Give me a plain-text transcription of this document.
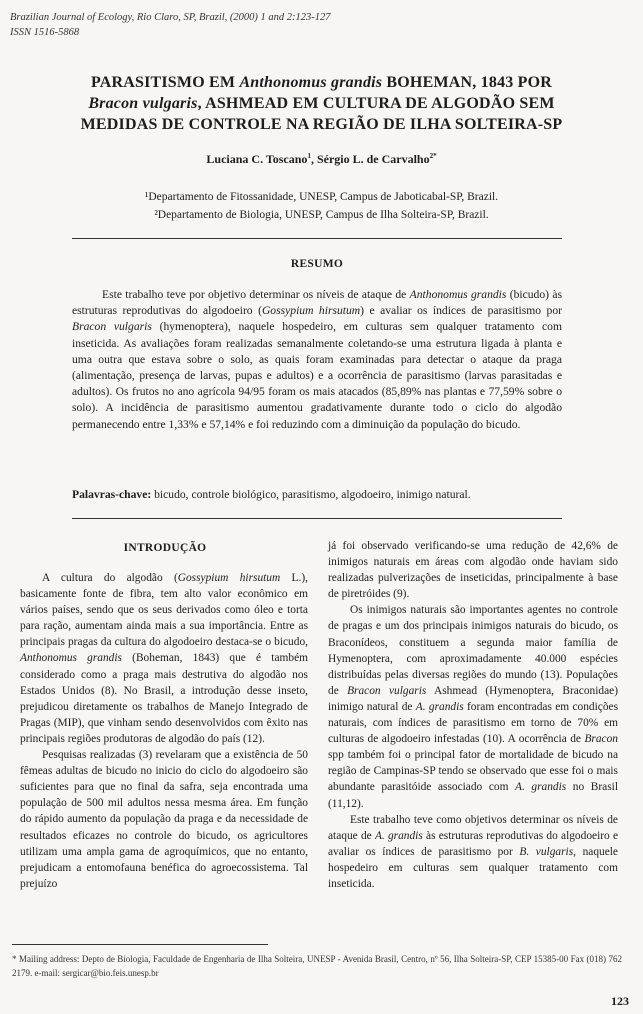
Brazilian Journal of Ecology, Rio Claro, SP, Brazil, (2000) 1 and 2:123-127
ISSN 1516-5868
PARASITISMO EM Anthonomus grandis BOHEMAN, 1843 POR
Bracon vulgaris, ASHMEAD EM CULTURA DE ALGODÃO SEM
MEDIDAS DE CONTROLE NA REGIÃO DE ILHA SOLTEIRA-SP
Luciana C. Toscano$^1$, Sérgio L. de Carvalho$^{2*}$
¹Departamento de Fitossanidade, UNESP, Campus de Jaboticabal-SP, Brazil.
²Departamento de Biologia, UNESP, Campus de Ilha Solteira-SP, Brazil.
RESUMO
Este trabalho teve por objetivo determinar os níveis de ataque de Anthonomus grandis (bicudo) às estruturas reprodutivas do algodoeiro (Gossypium hirsutum) e avaliar os índices de parasitismo por Bracon vulgaris (hymenoptera), naquele hospedeiro, em culturas sem qualquer tratamento com inseticida. As avaliações foram realizadas semanalmente coletando-se uma estrutura ligada à planta e uma outra que estava sobre o solo, as quais foram examinadas para detectar o ataque da praga (alimentação, presença de larvas, pupas e adultos) e a ocorrência de parasitismo (larvas parasitadas e adultos). Os frutos no ano agrícola 94/95 foram os mais atacados (85,89% nas plantas e 77,59% sobre o solo). A incidência de parasitismo aumentou gradativamente durante todo o ciclo do algodão permanecendo entre 1,33% e 57,14% e foi reduzindo com a diminuição da população do bicudo.
Palavras-chave: bicudo, controle biológico, parasitismo, algodoeiro, inimigo natural.
INTRODUÇÃO

A cultura do algodão (Gossypium hirsutum L.), basicamente fonte de fibra, tem alto valor econômico em vários países, sendo que os seus derivados como óleo e torta para ração, aumentam ainda mais a sua importância. Entre as principais pragas da cultura do algodoeiro destaca-se o bicudo, Anthonomus grandis (Boheman, 1843) que é também considerado como a praga mais destrutiva do algodão nos Estados Unidos (8). No Brasil, a introdução desse inseto, prejudicou diretamente os trabalhos de Manejo Integrado de Pragas (MIP), que vinham sendo desenvolvidos com êxito nas principais regiões produtoras de algodão do país (12).

Pesquisas realizadas (3) revelaram que a existência de 50 fêmeas adultas de bicudo no inicio do ciclo do algodoeiro são suficientes para que no final da safra, seja encontrada uma população de 500 mil adultos nessa mesma área. Em função do rápido aumento da população da praga e da necessidade de resultados eficazes no controle do bicudo, os agricultores utilizam uma ampla gama de agroquímicos, que no entanto, prejudicam a entomofauna benéfica do agroecossistema. Tal prejuízo

já foi observado verificando-se uma redução de 42,6% de inimigos naturais em áreas com algodão onde haviam sido realizadas pulverizações de inseticidas, principalmente à base de piretróides (9).

Os inimigos naturais são importantes agentes no controle de pragas e um dos principais inimigos naturais do bicudo, os Braconídeos, constituem a segunda maior família de Hymenoptera, com aproximadamente 40.000 espécies distribuídas pelas diversas regiões do mundo (13). Populações de Bracon vulgaris Ashmead (Hymenoptera, Braconidae) inimigo natural de A. grandis foram encontradas em condições naturais, com índices de parasitismo em torno de 70% em culturas de algodoeiro infestadas (10). A ocorrência de Bracon spp também foi o principal fator de mortalidade de bicudo na região de Campinas-SP tendo se observado que esse foi o mais abundante parasitóide associado com A. grandis no Brasil (11,12).

Este trabalho teve como objetivos determinar os níveis de ataque de A. grandis às estruturas reprodutivas do algodoeiro e avaliar os índices de parasitismo por B. vulgaris, naquele hospedeiro em culturas sem qualquer tratamento com inseticida.

* Mailing address: Depto de Biologia, Faculdade de Engenharia de Ilha Solteira, UNESP - Avenida Brasil, Centro, nº 56, Ilha Solteira-SP, CEP 15385-00 Fax (018) 762 2179. e-mail: sergicar@bio.feis.unesp.br
123
